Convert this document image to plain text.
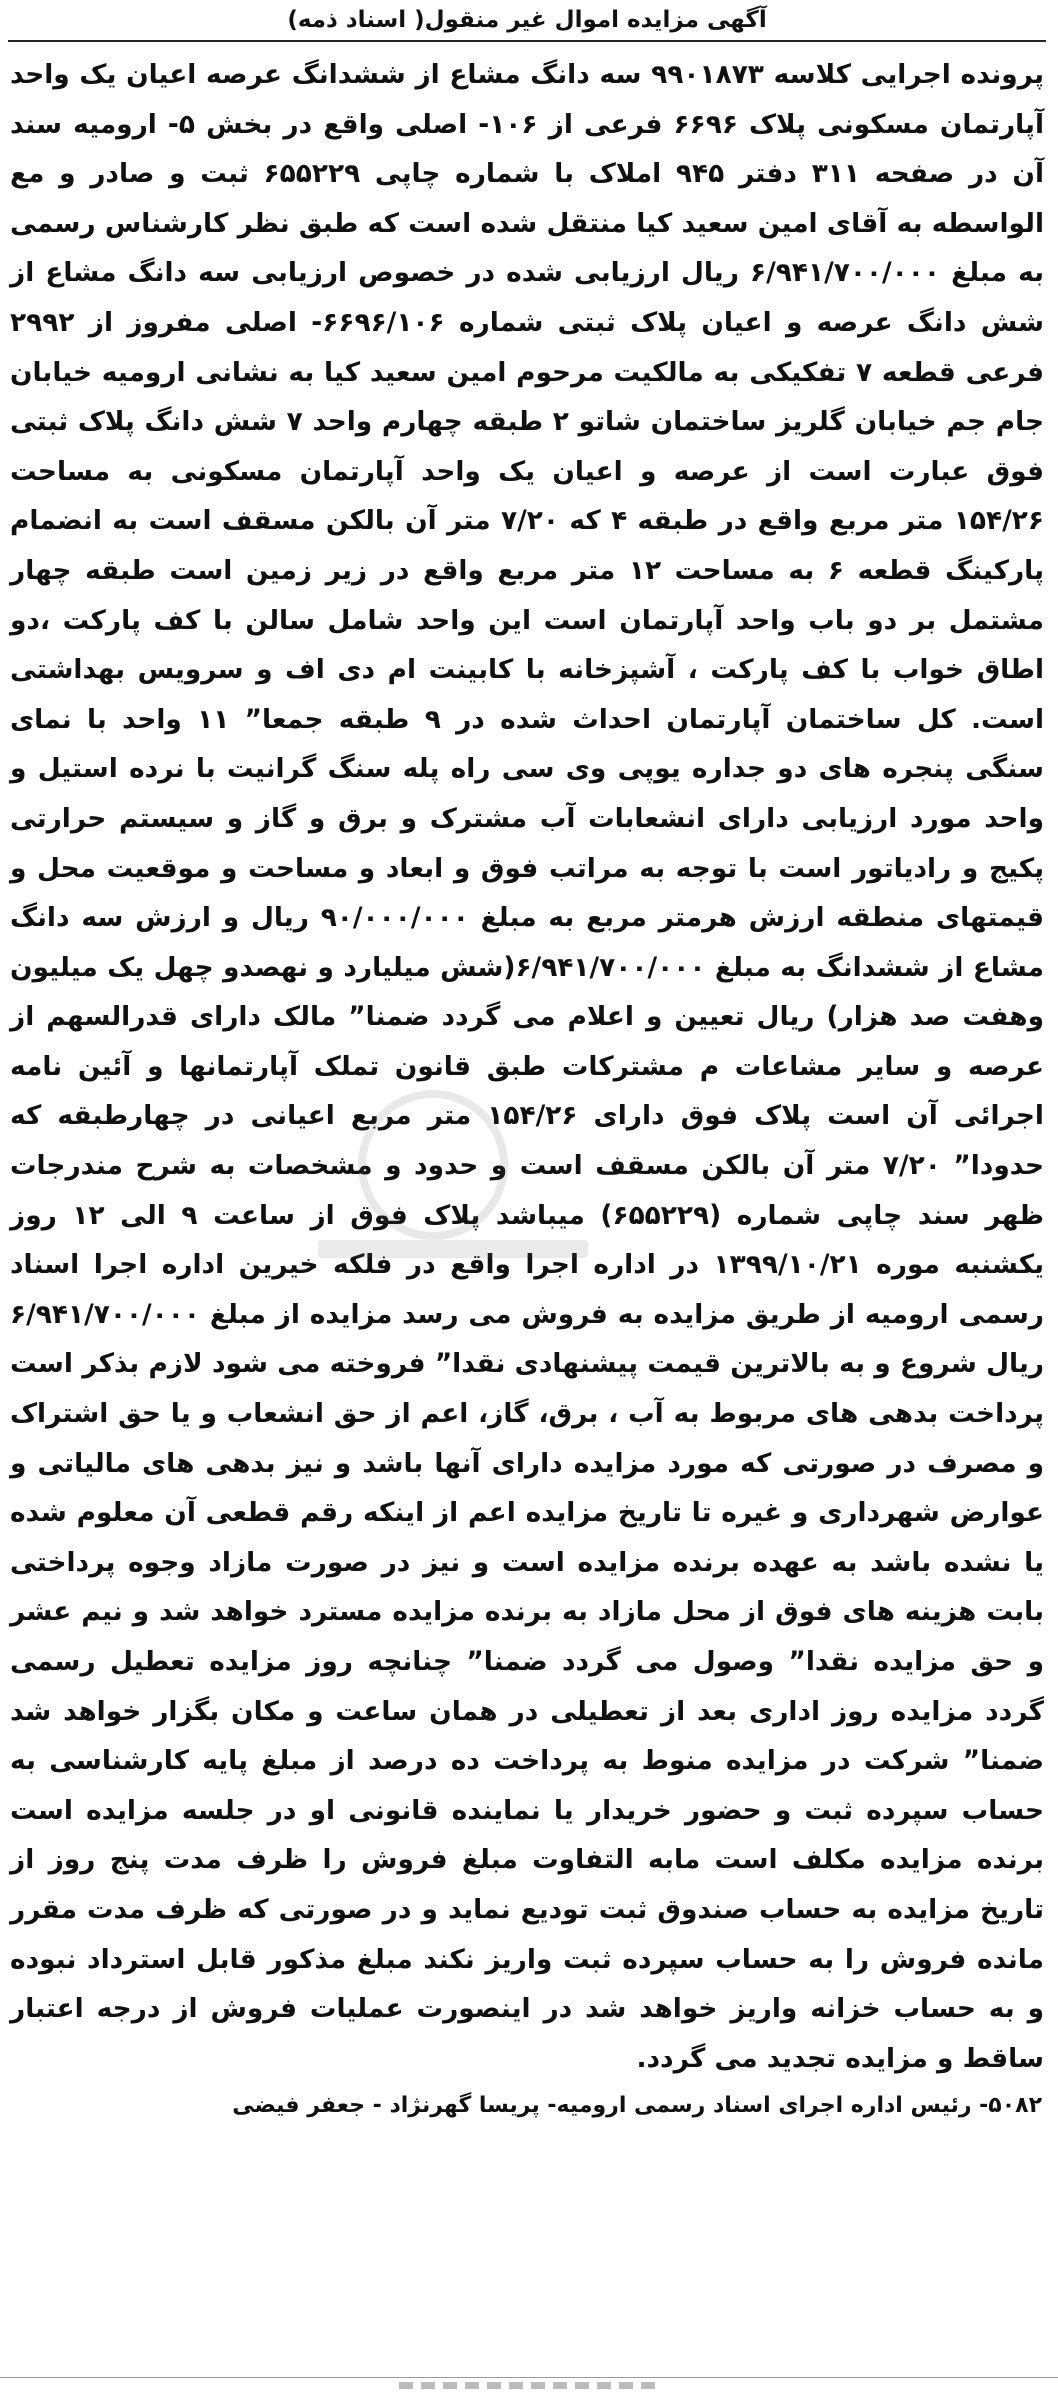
آگهی مزایده اموال غیر منقول( اسناد ذمه)

پرونده اجرایی کلاسه ۹۹۰۱۸۷۳ سه دانگ مشاع از ششدانگ عرصه اعیان یک واحد آپارتمان مسکونی پلاک ۶۶۹۶ فرعی از ۱۰۶- اصلی واقع در بخش ۵- ارومیه سند آن در صفحه ۳۱۱ دفتر ۹۴۵ املاک با شماره چاپی ۶۵۵۲۲۹ ثبت و صادر و مع الواسطه به آقای امین سعید کیا منتقل شده است که طبق نظر کارشناس رسمی به مبلغ ۶/۹۴۱/۷۰۰/۰۰۰ ریال ارزیابی شده در خصوص ارزیابی سه دانگ مشاع از شش دانگ عرصه و اعیان پلاک ثبتی شماره ۶۶۹۶/۱۰۶- اصلی مفروز از ۲۹۹۲ فرعی قطعه ۷ تفکیکی به مالکیت مرحوم امین سعید کیا به نشانی ارومیه خیابان جام جم خیابان گلریز ساختمان شاتو ۲ طبقه چهارم واحد ۷ شش دانگ پلاک ثبتی فوق عبارت است از عرصه و اعیان یک واحد آپارتمان مسکونی به مساحت ۱۵۴/۲۶ متر مربع واقع در طبقه ۴ که ۷/۲۰ متر آن بالکن مسقف است به انضمام پارکینگ قطعه ۶ به مساحت ۱۲ متر مربع واقع در زیر زمین است طبقه چهار مشتمل بر دو باب واحد آپارتمان است این واحد شامل سالن با کف پارکت ،دو اطاق خواب با کف پارکت ، آشپزخانه با کابینت ام دی اف و سرویس بهداشتی است. کل ساختمان آپارتمان احداث شده در ۹ طبقه جمعا” ۱۱ واحد با نمای سنگی پنجره های دو جداره یوپی وی سی راه پله سنگ گرانیت با نرده استیل و واحد مورد ارزیابی دارای انشعابات آب مشترک و برق و گاز و سیستم حرارتی پکیج و رادیاتور است با توجه به مراتب فوق و ابعاد و مساحت و موقعیت محل و قیمتهای منطقه ارزش هرمتر مربع به مبلغ ۹۰/۰۰۰/۰۰۰ ریال و ارزش سه دانگ مشاع از ششدانگ به مبلغ ۶/۹۴۱/۷۰۰/۰۰۰(شش میلیارد و نهصدو چهل یک میلیون وهفت صد هزار) ریال تعیین و اعلام می گردد ضمنا” مالک دارای قدرالسهم از عرصه و سایر مشاعات م مشترکات طبق قانون تملک آپارتمانها و آئین نامه اجرائی آن است پلاک فوق دارای ۱۵۴/۲۶ متر مربع اعیانی در چهارطبقه که حدودا” ۷/۲۰ متر آن بالکن مسقف است و حدود و مشخصات به شرح مندرجات ظهر سند چاپی شماره (۶۵۵۲۲۹) میباشد پلاک فوق از ساعت ۹ الی ۱۲ روز یکشنبه موره ۱۳۹۹/۱۰/۲۱ در اداره اجرا واقع در فلکه خیرین اداره اجرا اسناد رسمی ارومیه از طریق مزایده به فروش می رسد مزایده از مبلغ ۶/۹۴۱/۷۰۰/۰۰۰ ریال شروع و به بالاترین قیمت پیشنهادی نقدا” فروخته می شود لازم بذکر است پرداخت بدهی های مربوط به آب ، برق، گاز، اعم از حق انشعاب و یا حق اشتراک و مصرف در صورتی که مورد مزایده دارای آنها باشد و نیز بدهی های مالیاتی و عوارض شهرداری و غیره تا تاریخ مزایده اعم از اینکه رقم قطعی آن معلوم شده یا نشده باشد به عهده برنده مزایده است و نیز در صورت مازاد وجوه پرداختی بابت هزینه های فوق از محل مازاد به برنده مزایده مسترد خواهد شد و نیم عشر و حق مزایده نقدا” وصول می گردد ضمنا” چنانچه روز مزایده تعطیل رسمی گردد مزایده روز اداری بعد از تعطیلی در همان ساعت و مکان بگزار خواهد شد ضمنا” شرکت در مزایده منوط به پرداخت ده درصد از مبلغ پایه کارشناسی به حساب سپرده ثبت و حضور خریدار یا نماینده قانونی او در جلسه مزایده است برنده مزایده مکلف است مابه التفاوت مبلغ فروش را ظرف مدت پنج روز از تاریخ مزایده به حساب صندوق ثبت تودیع نماید و در صورتی که ظرف مدت مقرر مانده فروش را به حساب سپرده ثبت واریز نکند مبلغ مذکور قابل استرداد نبوده و به حساب خزانه واریز خواهد شد در اینصورت عملیات فروش از درجه اعتبار ساقط و مزایده تجدید می گردد.

۵۰۸۲- رئیس اداره اجرای اسناد رسمی ارومیه- پریسا گهرنژاد - جعفر فیضی
